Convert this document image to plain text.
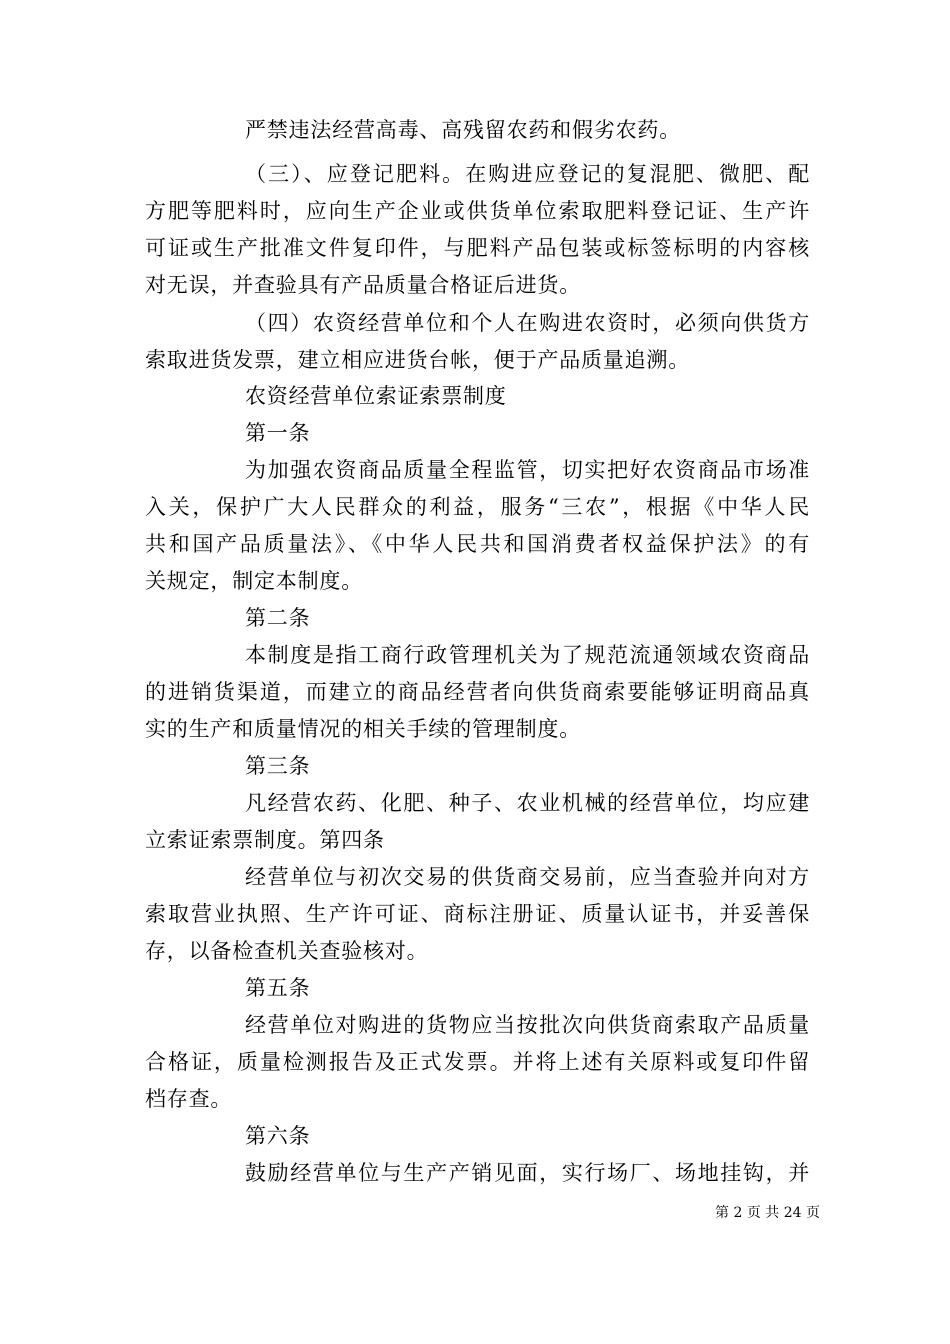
严禁违法经营高毒、高残留农药和假劣农药。
（三）、应登记肥料。在购进应登记的复混肥、微肥、配
方肥等肥料时，应向生产企业或供货单位索取肥料登记证、生产许
可证或生产批准文件复印件，与肥料产品包装或标签标明的内容核
对无误，并查验具有产品质量合格证后进货。
（四）农资经营单位和个人在购进农资时，必须向供货方
索取进货发票，建立相应进货台帐，便于产品质量追溯。
农资经营单位索证索票制度
第一条
为加强农资商品质量全程监管，切实把好农资商品市场准
入关，保护广大人民群众的利益，服务“三农”，根据《中华人民
共和国产品质量法》、《中华人民共和国消费者权益保护法》的有
关规定，制定本制度。
第二条
本制度是指工商行政管理机关为了规范流通领域农资商品
的进销货渠道，而建立的商品经营者向供货商索要能够证明商品真
实的生产和质量情况的相关手续的管理制度。
第三条
凡经营农药、化肥、种子、农业机械的经营单位，均应建
立索证索票制度。第四条
经营单位与初次交易的供货商交易前，应当查验并向对方
索取营业执照、生产许可证、商标注册证、质量认证书，并妥善保
存，以备检查机关查验核对。
第五条
经营单位对购进的货物应当按批次向供货商索取产品质量
合格证，质量检测报告及正式发票。并将上述有关原料或复印件留
档存查。
第六条
鼓励经营单位与生产产销见面，实行场厂、场地挂钩，并
第 2 页 共 24 页
